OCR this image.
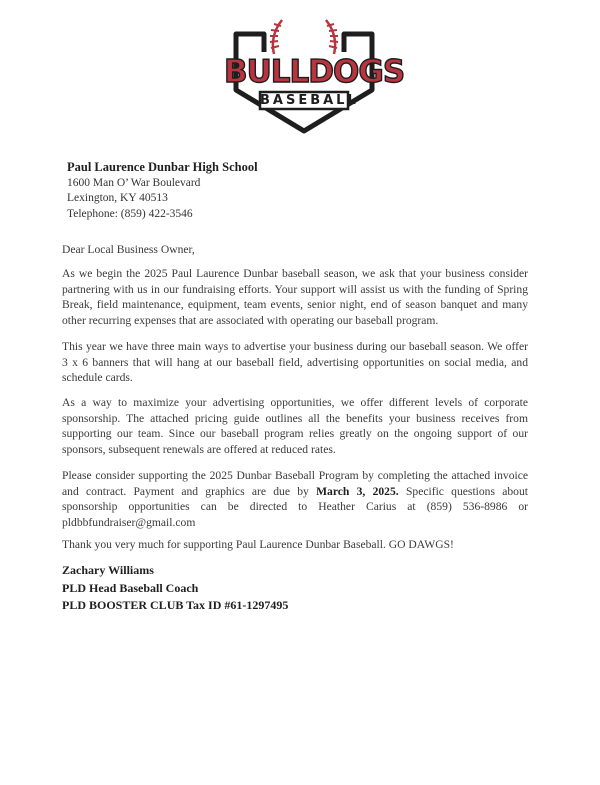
BULLDOGS
BASEBALL
Paul Laurence Dunbar High School
1600 Man O’ War Boulevard
Lexington, KY 40513
Telephone: (859) 422-3546

Dear Local Business Owner,

As we begin the 2025 Paul Laurence Dunbar baseball season, we ask that your business consider partnering with us in our fundraising efforts. Your support will assist us with the funding of Spring Break, field maintenance, equipment, team events, senior night, end of season banquet and many other recurring expenses that are associated with operating our baseball program.

This year we have three main ways to advertise your business during our baseball season. We offer 3 x 6 banners that will hang at our baseball field, advertising opportunities on social media, and schedule cards.

As a way to maximize your advertising opportunities, we offer different levels of corporate sponsorship. The attached pricing guide outlines all the benefits your business receives from supporting our team. Since our baseball program relies greatly on the ongoing support of our sponsors, subsequent renewals are offered at reduced rates.

Please consider supporting the 2025 Dunbar Baseball Program by completing the attached invoice and contract. Payment and graphics are due by March 3, 2025. Specific questions about sponsorship opportunities can be directed to Heather Carius at (859) 536-8986 or pldbbfundraiser@gmail.com

Thank you very much for supporting Paul Laurence Dunbar Baseball. GO DAWGS!

Zachary Williams
PLD Head Baseball Coach
PLD BOOSTER CLUB Tax ID #61-1297495
